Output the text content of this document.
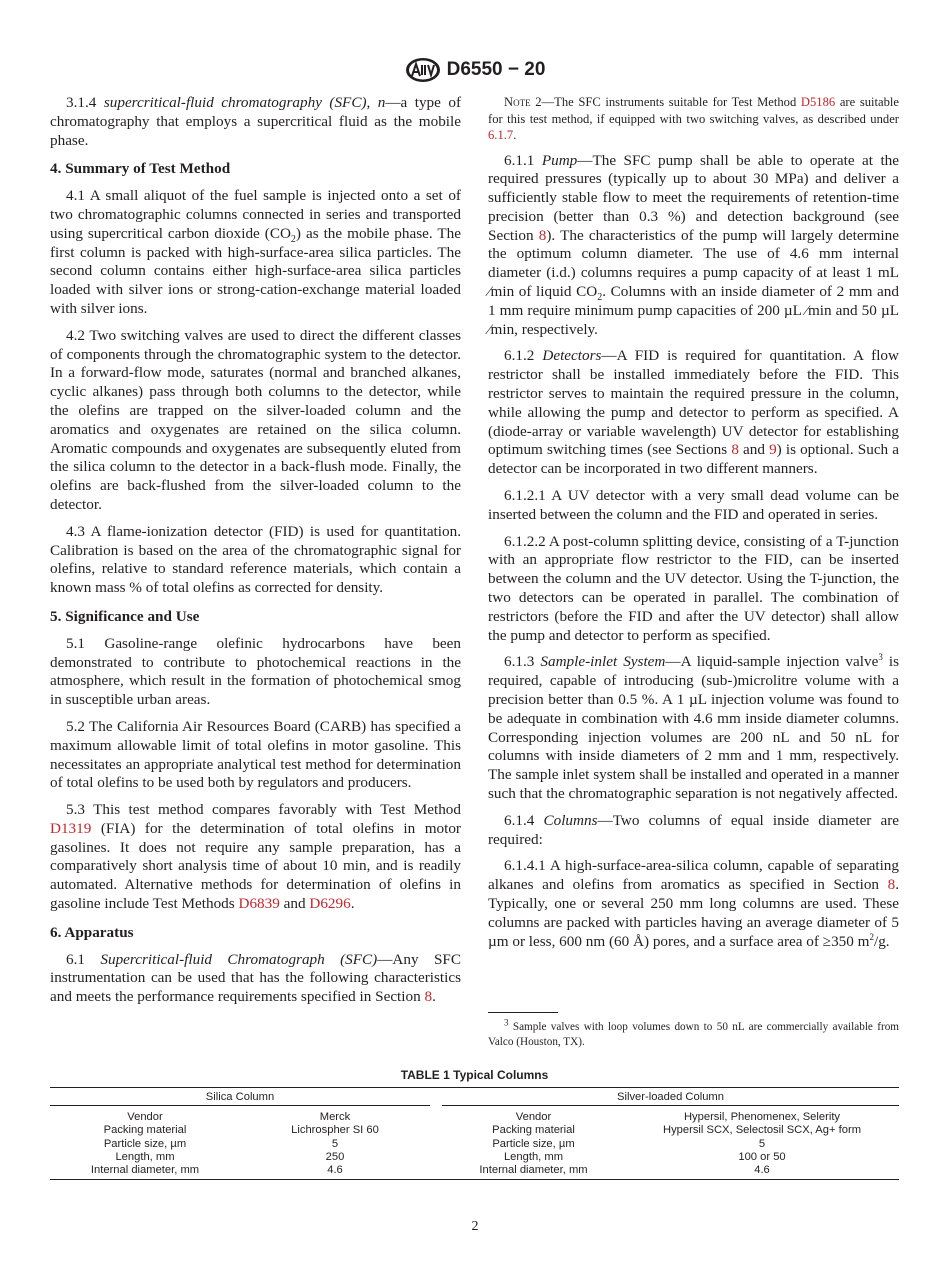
D6550 − 20

3.1.4 supercritical-fluid chromatography (SFC), n—a type of chromatography that employs a supercritical fluid as the mobile phase.

4. Summary of Test Method

4.1 A small aliquot of the fuel sample is injected onto a set of two chromatographic columns connected in series and transported using supercritical carbon dioxide $(CO_2)$ as the mobile phase. The first column is packed with high-surface-area silica particles. The second column contains either high-surface-area silica particles loaded with silver ions or strong-cation-exchange material loaded with silver ions.

4.2 Two switching valves are used to direct the different classes of components through the chromatographic system to the detector. In a forward-flow mode, saturates (normal and branched alkanes, cyclic alkanes) pass through both columns to the detector, while the olefins are trapped on the silver-loaded column and the aromatics and oxygenates are retained on the silica column. Aromatic compounds and oxygenates are subsequently eluted from the silica column to the detector in a back-flush mode. Finally, the olefins are back-flushed from the silver-loaded column to the detector.

4.3 A flame-ionization detector (FID) is used for quantitation. Calibration is based on the area of the chromatographic signal for olefins, relative to standard reference materials, which contain a known mass % of total olefins as corrected for density.

5. Significance and Use

5.1 Gasoline-range olefinic hydrocarbons have been demonstrated to contribute to photochemical reactions in the atmosphere, which result in the formation of photochemical smog in susceptible urban areas.

5.2 The California Air Resources Board (CARB) has specified a maximum allowable limit of total olefins in motor gasoline. This necessitates an appropriate analytical test method for determination of total olefins to be used both by regulators and producers.

5.3 This test method compares favorably with Test Method D1319 (FIA) for the determination of total olefins in motor gasolines. It does not require any sample preparation, has a comparatively short analysis time of about 10 min, and is readily automated. Alternative methods for determination of olefins in gasoline include Test Methods D6839 and D6296.

6. Apparatus

6.1 Supercritical-fluid Chromatograph (SFC)—Any SFC instrumentation can be used that has the following characteristics and meets the performance requirements specified in Section 8.

Note 2—The SFC instruments suitable for Test Method D5186 are suitable for this test method, if equipped with two switching valves, as described under 6.1.7.

6.1.1 Pump—The SFC pump shall be able to operate at the required pressures (typically up to about 30 MPa) and deliver a sufficiently stable flow to meet the requirements of retention-time precision (better than 0.3 %) and detection background (see Section 8). The characteristics of the pump will largely determine the optimum column diameter. The use of 4.6 mm internal diameter (i.d.) columns requires a pump capacity of at least 1 mL ⁄min of liquid $CO_2$. Columns with an inside diameter of 2 mm and 1 mm require minimum pump capacities of 200 µL ⁄min and 50 µL ⁄min, respectively.

6.1.2 Detectors—A FID is required for quantitation. A flow restrictor shall be installed immediately before the FID. This restrictor serves to maintain the required pressure in the column, while allowing the pump and detector to perform as specified. A (diode-array or variable wavelength) UV detector for establishing optimum switching times (see Sections 8 and 9) is optional. Such a detector can be incorporated in two different manners.

6.1.2.1 A UV detector with a very small dead volume can be inserted between the column and the FID and operated in series.

6.1.2.2 A post-column splitting device, consisting of a T-junction with an appropriate flow restrictor to the FID, can be inserted between the column and the UV detector. Using the T-junction, the two detectors can be operated in parallel. The combination of restrictors (before the FID and after the UV detector) shall allow the pump and detector to perform as specified.

6.1.3 Sample-inlet System—A liquid-sample injection valve$^3$ is required, capable of introducing (sub-)microlitre volume with a precision better than 0.5 %. A 1 µL injection volume was found to be adequate in combination with 4.6 mm inside diameter columns. Corresponding injection volumes are 200 nL and 50 nL for columns with inside diameters of 2 mm and 1 mm, respectively. The sample inlet system shall be installed and operated in a manner such that the chromatographic separation is not negatively affected.

6.1.4 Columns—Two columns of equal inside diameter are required:

6.1.4.1 A high-surface-area-silica column, capable of separating alkanes and olefins from aromatics as specified in Section 8. Typically, one or several 250 mm long columns are used. These columns are packed with particles having an average diameter of 5 µm or less, 600 nm (60 Å) pores, and a surface area of ≥350 $m^2/g$.

$^3$ Sample valves with loop volumes down to 50 nL are commercially available from Valco (Houston, TX).
TABLE 1 Typical Columns
Silica Column			Silver-loaded Column	
Vendor	Merck		Vendor	Hypersil, Phenomenex, Selerity
Packing material	Lichrospher SI 60		Packing material	Hypersil SCX, Selectosil SCX, Ag+ form
Particle size, µm	5		Particle size, µm	5
Length, mm	250		Length, mm	100 or 50
Internal diameter, mm	4.6		Internal diameter, mm	4.6
2
